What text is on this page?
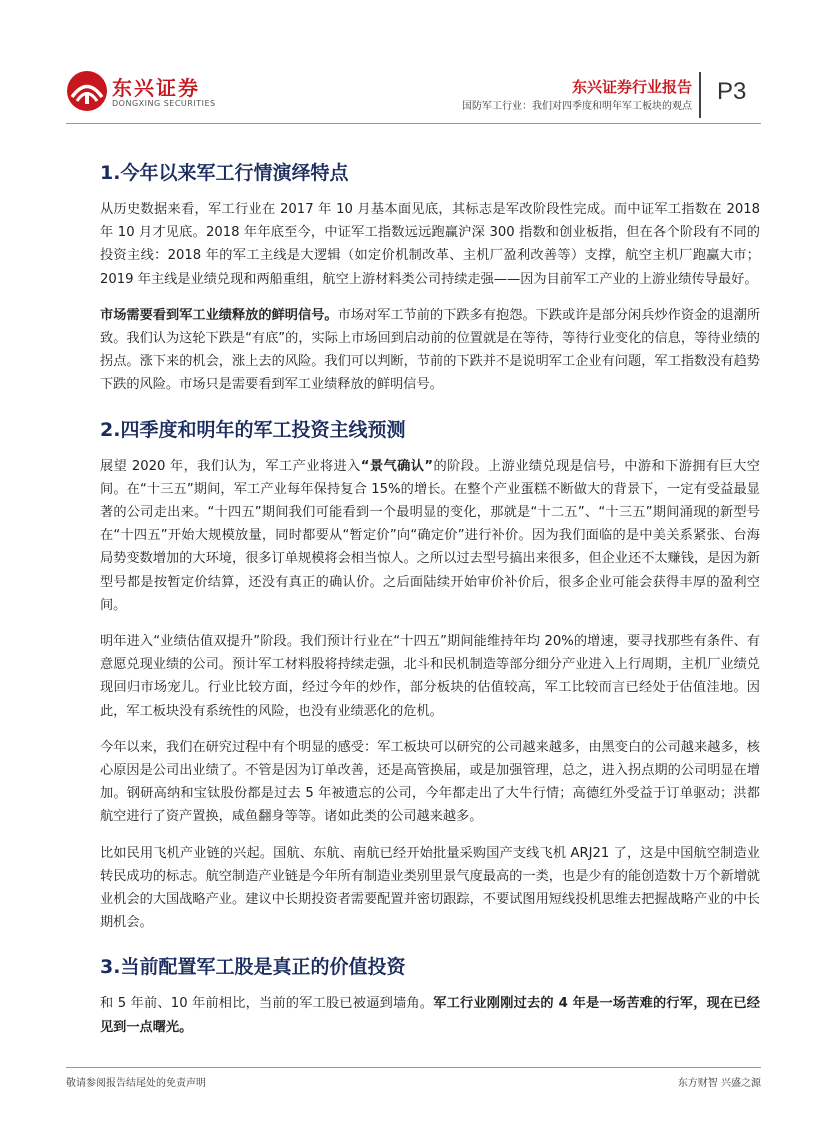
东兴证券
DONGXING SECURITIES
东兴证券行业报告
国防军工行业：我们对四季度和明年军工板块的观点
P3
1.今年以来军工行情演绎特点

从历史数据来看，军工行业在 2017 年 10 月基本面见底，其标志是军改阶段性完成。而中证军工指数在 2018 年 10 月才见底。2018 年年底至今，中证军工指数远远跑赢沪深 300 指数和创业板指，但在各个阶段有不同的投资主线：2018 年的军工主线是大逻辑（如定价机制改革、主机厂盈利改善等）支撑，航空主机厂跑赢大市；2019 年主线是业绩兑现和两船重组，航空上游材料类公司持续走强——因为目前军工产业的上游业绩传导最好。

市场需要看到军工业绩释放的鲜明信号。市场对军工节前的下跌多有抱怨。下跌或许是部分闲兵炒作资金的退潮所致。我们认为这轮下跌是“有底”的，实际上市场回到启动前的位置就是在等待，等待行业变化的信息，等待业绩的拐点。涨下来的机会，涨上去的风险。我们可以判断，节前的下跌并不是说明军工企业有问题，军工指数没有趋势下跌的风险。市场只是需要看到军工业绩释放的鲜明信号。

2.四季度和明年的军工投资主线预测

展望 2020 年，我们认为，军工产业将进入“景气确认”的阶段。上游业绩兑现是信号，中游和下游拥有巨大空间。在“十三五”期间，军工产业每年保持复合 15%的增长。在整个产业蛋糕不断做大的背景下，一定有受益最显著的公司走出来。“十四五”期间我们可能看到一个最明显的变化，那就是“十二五”、“十三五”期间涌现的新型号在“十四五”开始大规模放量，同时都要从“暂定价”向“确定价”进行补价。因为我们面临的是中美关系紧张、台海局势变数增加的大环境，很多订单规模将会相当惊人。之所以过去型号搞出来很多，但企业还不太赚钱，是因为新型号都是按暂定价结算，还没有真正的确认价。之后面陆续开始审价补价后，很多企业可能会获得丰厚的盈利空间。

明年进入“业绩估值双提升”阶段。我们预计行业在“十四五”期间能维持年均 20%的增速，要寻找那些有条件、有意愿兑现业绩的公司。预计军工材料股将持续走强，北斗和民机制造等部分细分产业进入上行周期，主机厂业绩兑现回归市场宠儿。行业比较方面，经过今年的炒作，部分板块的估值较高，军工比较而言已经处于估值洼地。因此，军工板块没有系统性的风险，也没有业绩恶化的危机。

今年以来，我们在研究过程中有个明显的感受：军工板块可以研究的公司越来越多，由黑变白的公司越来越多，核心原因是公司出业绩了。不管是因为订单改善，还是高管换届，或是加强管理，总之，进入拐点期的公司明显在增加。钢研高纳和宝钛股份都是过去 5 年被遗忘的公司，今年都走出了大牛行情；高德红外受益于订单驱动；洪都航空进行了资产置换，咸鱼翻身等等。诸如此类的公司越来越多。

比如民用飞机产业链的兴起。国航、东航、南航已经开始批量采购国产支线飞机 ARJ21 了，这是中国航空制造业转民成功的标志。航空制造产业链是今年所有制造业类别里景气度最高的一类，也是少有的能创造数十万个新增就业机会的大国战略产业。建议中长期投资者需要配置并密切跟踪，不要试图用短线投机思维去把握战略产业的中长期机会。

3.当前配置军工股是真正的价值投资

和 5 年前、10 年前相比，当前的军工股已被逼到墙角。军工行业刚刚过去的 4 年是一场苦难的行军，现在已经见到一点曙光。

敬请参阅报告结尾处的免责声明	东方财智 兴盛之源
